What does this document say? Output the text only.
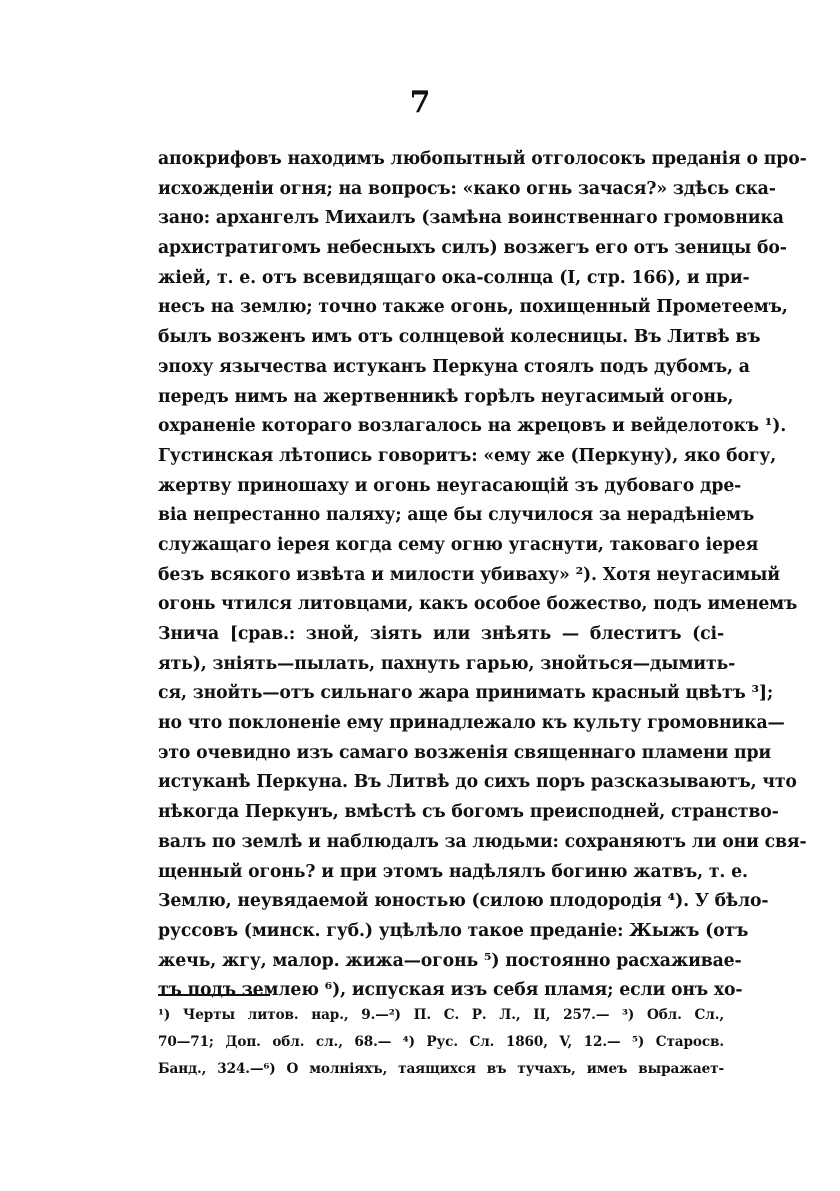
7
апокрифовъ находимъ любопытный отголосокъ преданія о про-
исхожденіи огня; на вопросъ: «како огнь зачася?» здѣсь ска-
зано: архангелъ Михаилъ (замѣна воинственнаго громовника
архистратигомъ небесныхъ силъ) возжегъ его отъ зеницы бо-
жіей, т. е. отъ всевидящаго ока-солнца (I, стр. 166), и при-
несъ на землю; точно также огонь, похищенный Прометеемъ,
былъ возженъ имъ отъ солнцевой колесницы. Въ Литвѣ въ
эпоху язычества истуканъ Перкуна стоялъ подъ дубомъ, а
передъ нимъ на жертвенникѣ горѣлъ неугасимый огонь,
охраненіе котораго возлагалось на жрецовъ и вейделотокъ ¹).
Густинская лѣтопись говоритъ: «ему же (Перкуну), яко богу,
жертву приношаху и огонь неугасающій зъ дубоваго дре-
віа непрестанно паляху; аще бы случилося за нерадѣніемъ
служащаго іерея когда сему огню угаснути, таковаго іерея
безъ всякого извѣта и милости убиваху» ²). Хотя неугасимый
огонь чтился литовцами, какъ особое божество, подъ именемъ
Знича [срав.: зной, зіять или знѣять — блеститъ (сі-
ять), зніять—пылать, пахнуть гарью, знойться—дымить-
ся, знойть—отъ сильнаго жара принимать красный цвѣтъ ³];
но что поклоненіе ему принадлежало къ культу громовника—
это очевидно изъ самаго возженія священнаго пламени при
истуканѣ Перкуна. Въ Литвѣ до сихъ поръ разсказываютъ, что
нѣкогда Перкунъ, вмѣстѣ съ богомъ преисподней, странство-
валъ по землѣ и наблюдалъ за людьми: сохраняютъ ли они свя-
щенный огонь? и при этомъ надѣлялъ богиню жатвъ, т. е.
Землю, неувядаемой юностью (силою плодородія ⁴). У бѣло-
руссовъ (минск. губ.) уцѣлѣло такое преданіе: Жыжъ (отъ
жечь, жгу, малор. жижа—огонь ⁵) постоянно расхаживае-
тъ подъ землею ⁶), испуская изъ себя пламя; если онъ хо-
¹) Черты литов. нар., 9.—²) П. С. Р. Л., II, 257.— ³) Обл. Сл.,
70—71; Доп. обл. сл., 68.— ⁴) Рус. Сл. 1860, V, 12.— ⁵) Старосв.
Банд., 324.—⁶) О молніяхъ, таящихся въ тучахъ, имеъ выражает-
